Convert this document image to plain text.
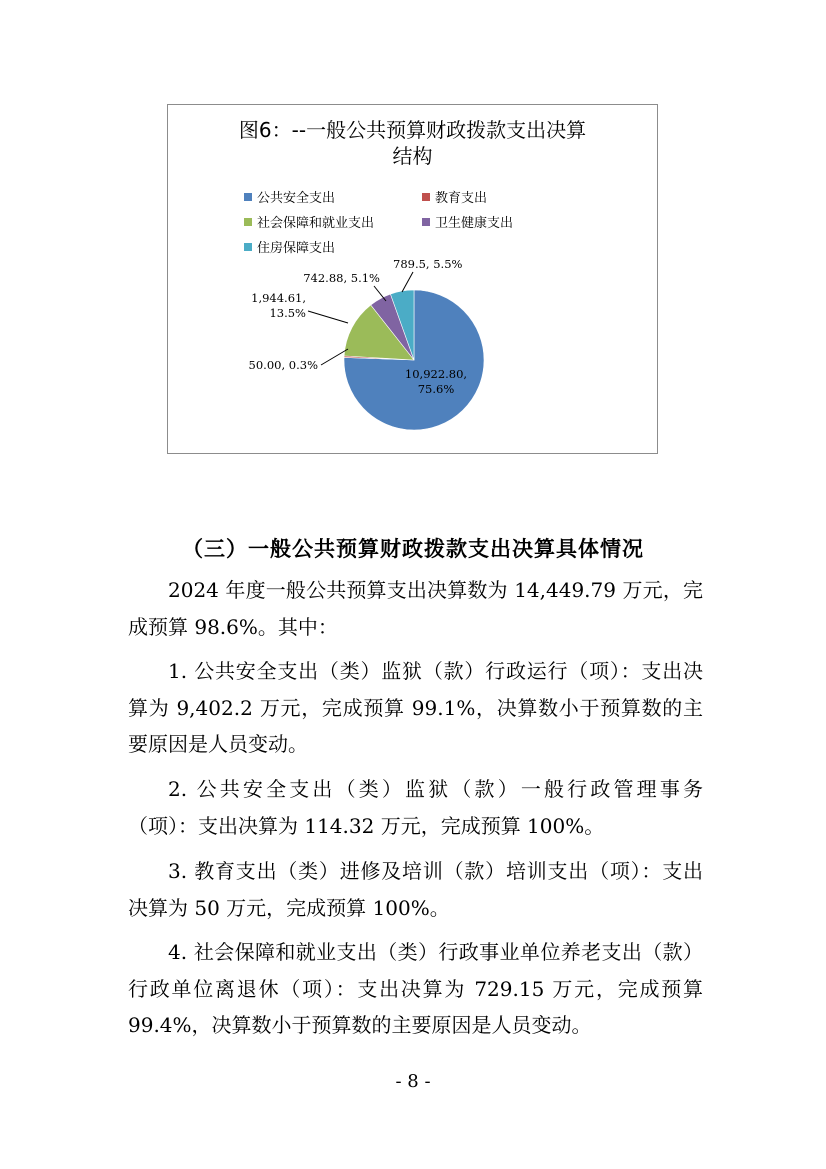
图6：--一般公共预算财政拨款支出决算
结构
公共安全支出	教育支出
社会保障和就业支出	卫生健康支出
住房保障支出
10,922.80, 75.6%
50.00, 0.3%
1,944.61, 13.5%
742.88, 5.1%
789.5, 5.5%
（三）一般公共预算财政拨款支出决算具体情况
2024 年度一般公共预算支出决算数为 14,449.79 万元，完成预算 98.6%。其中：
1. 公共安全支出（类）监狱（款）行政运行（项）：支出决算为 9,402.2 万元，完成预算 99.1%，决算数小于预算数的主要原因是人员变动。
2. 公共安全支出（类）监狱（款）一般行政管理事务（项）：支出决算为 114.32 万元，完成预算 100%。
3. 教育支出（类）进修及培训（款）培训支出（项）：支出决算为 50 万元，完成预算 100%。
4. 社会保障和就业支出（类）行政事业单位养老支出（款）行政单位离退休（项）：支出决算为 729.15 万元，完成预算 99.4%，决算数小于预算数的主要原因是人员变动。
- 8 -
